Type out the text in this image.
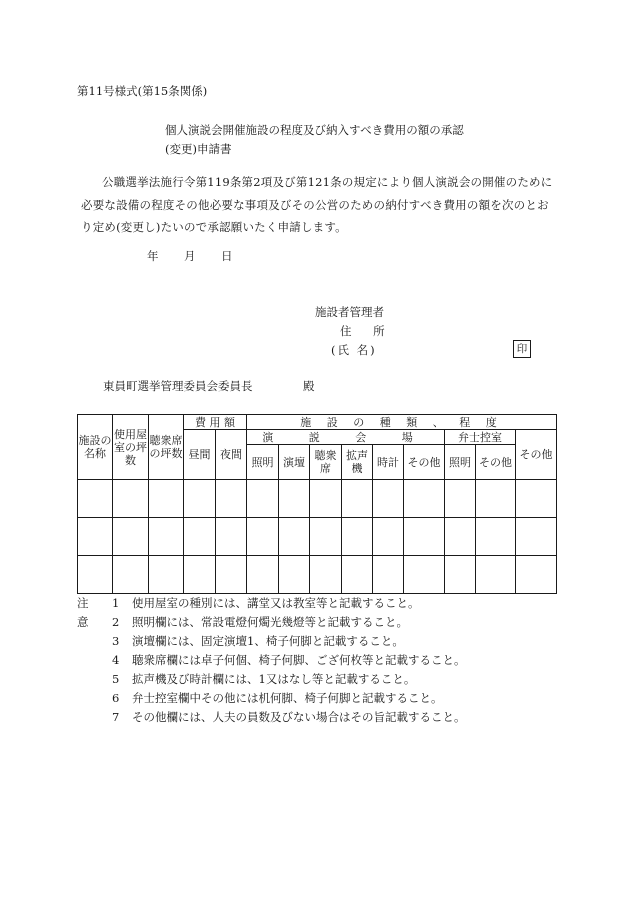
第11号様式(第15条関係)
個人演説会開催施設の程度及び納入すべき費用の額の承認
(変更)申請書
公職選挙法施行令第119条第2項及び第121条の規定により個人演説会の開催のために必要な設備の程度その他必要な事項及びその公営のための納付すべき費用の額を次のとおり定め(変更し)たいので承認願いたく申請します。
年 月 日
施設者管理者
住 所
(氏 名)	印
東員町選挙管理委員会委員長	殿
施設の名称	使用屋室の坪数	聴衆席の坪数	費 用 額		施 設 の 種 類 、 程 度								
			昼間	夜間	演 説 会 場						弁士控室		その他
					照明	演壇	聴衆席	拡声機	時計	その他	照明	その他	

注意
1 使用屋室の種別には、講堂又は教室等と記載すること。
2 照明欄には、常設電燈何燭光幾燈等と記載すること。
3 演壇欄には、固定演壇1、椅子何脚と記載すること。
4 聴衆席欄には卓子何個、椅子何脚、ござ何枚等と記載すること。
5 拡声機及び時計欄には、1又はなし等と記載すること。
6 弁士控室欄中その他には机何脚、椅子何脚と記載すること。
7 その他欄には、人夫の員数及びない場合はその旨記載すること。
